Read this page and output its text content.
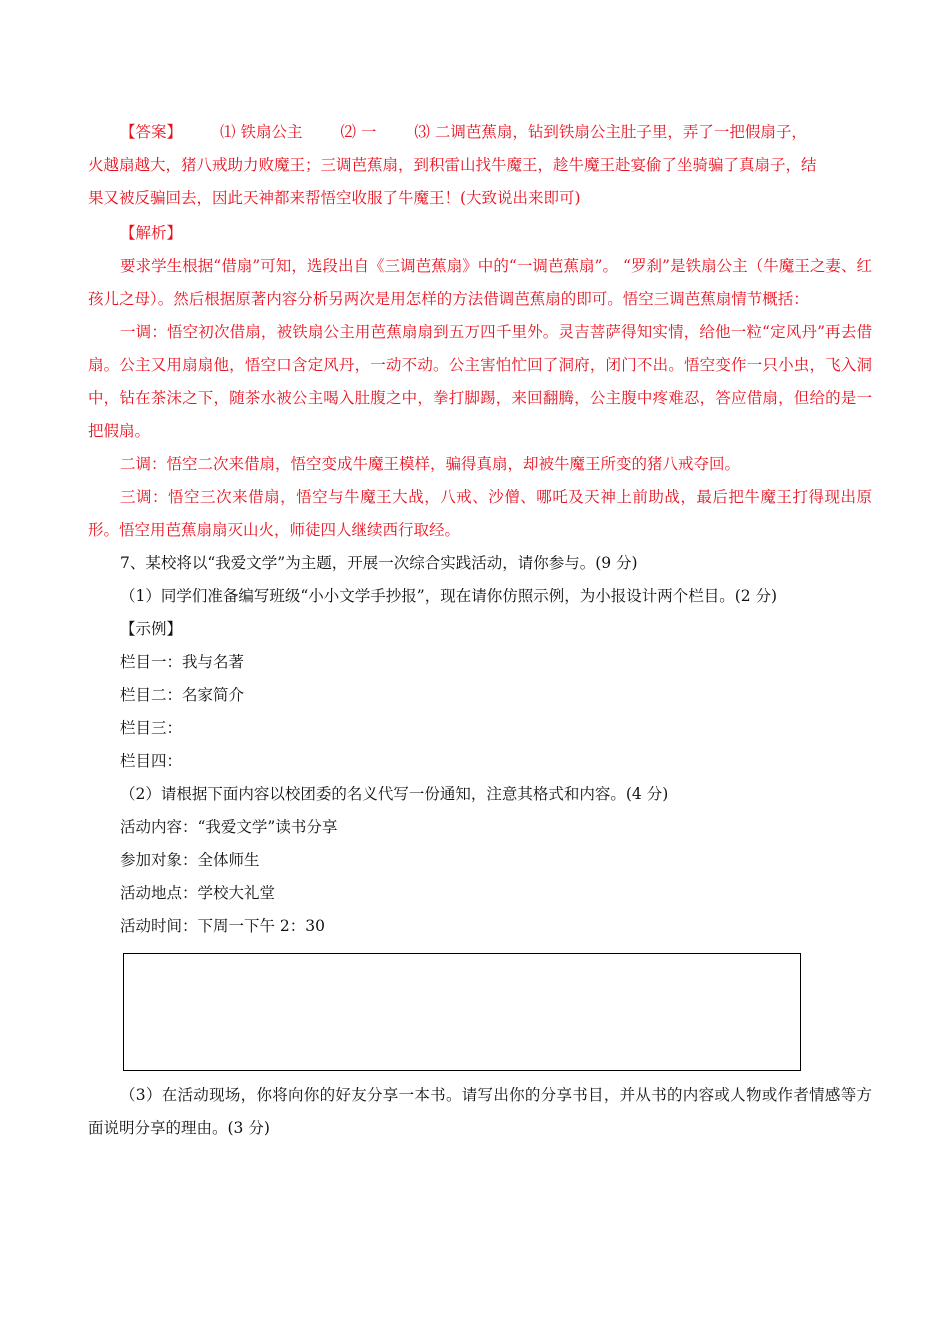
【答案】 ⑴ 铁扇公主 ⑵ 一 ⑶ 二调芭蕉扇，钻到铁扇公主肚子里，弄了一把假扇子，

火越扇越大，猪八戒助力败魔王；三调芭蕉扇，到积雷山找牛魔王，趁牛魔王赴宴偷了坐骑骗了真扇子，结

果又被反骗回去，因此天神都来帮悟空收服了牛魔王！(大致说出来即可)

【解析】

要求学生根据“借扇”可知，选段出自《三调芭蕉扇》中的“一调芭蕉扇”。 “罗刹”是铁扇公主（牛魔王之妻、红孩儿之母）。然后根据原著内容分析另两次是用怎样的方法借调芭蕉扇的即可。悟空三调芭蕉扇情节概括：

一调：悟空初次借扇，被铁扇公主用芭蕉扇扇到五万四千里外。灵吉菩萨得知实情，给他一粒“定风丹”再去借扇。公主又用扇扇他，悟空口含定风丹，一动不动。公主害怕忙回了洞府，闭门不出。悟空变作一只小虫，飞入洞中，钻在茶沫之下，随茶水被公主喝入肚腹之中，拳打脚踢，来回翻腾，公主腹中疼难忍，答应借扇，但给的是一把假扇。

二调：悟空二次来借扇，悟空变成牛魔王模样，骗得真扇，却被牛魔王所变的猪八戒夺回。

三调：悟空三次来借扇，悟空与牛魔王大战，八戒、沙僧、哪吒及天神上前助战，最后把牛魔王打得现出原形。悟空用芭蕉扇扇灭山火，师徒四人继续西行取经。

7、某校将以“我爱文学”为主题，开展一次综合实践活动，请你参与。(9 分)

（1）同学们准备编写班级“小小文学手抄报”，现在请你仿照示例，为小报设计两个栏目。(2 分)

【示例】

栏目一：我与名著

栏目二：名家简介

栏目三：

栏目四：

（2）请根据下面内容以校团委的名义代写一份通知，注意其格式和内容。(4 分)

活动内容：“我爱文学”读书分享

参加对象：全体师生

活动地点：学校大礼堂

活动时间：下周一下午 2：30

（3）在活动现场，你将向你的好友分享一本书。请写出你的分享书目，并从书的内容或人物或作者情感等方面说明分享的理由。(3 分)
